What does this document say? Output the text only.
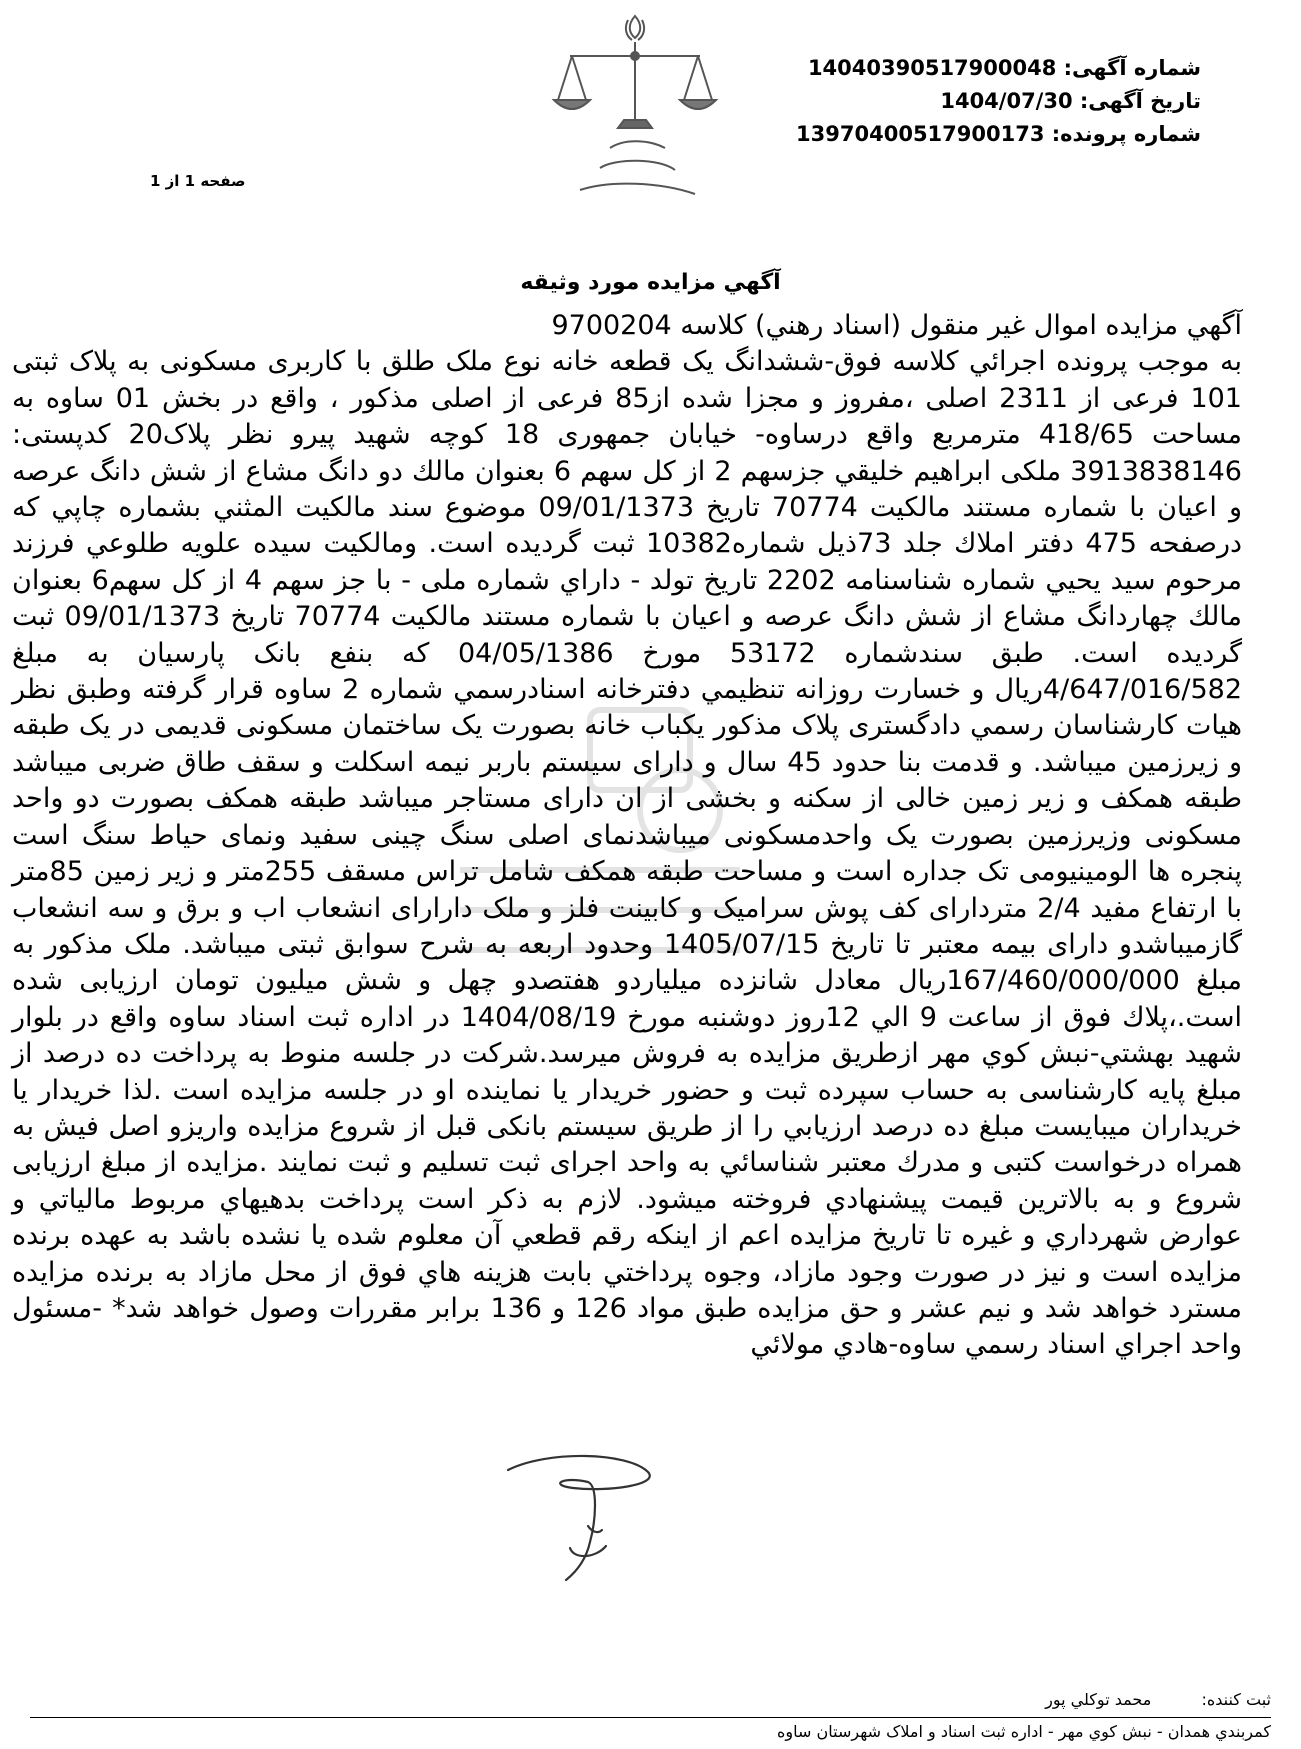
شماره آگهی: 14040390517900048
تاریخ آگهی: 1404/07/30
شماره پرونده: 13970400517900173
صفحه 1 از 1
آگهي مزايده مورد وثيقه

آگهي مزايده اموال غير منقول (اسناد رهني) كلاسه 9700204

به موجب پرونده اجرائي كلاسه فوق-ششدانگ یک قطعه خانه نوع ملک طلق با کاربری مسکونی به پلاک ثبتی 101 فرعی از 2311 اصلی ،مفروز و مجزا شده از85 فرعی از اصلی مذکور ، واقع در بخش 01 ساوه به مساحت 418/65 مترمربع واقع درساوه- خیابان جمهوری 18 کوچه شهید پیرو نظر پلاک20 کدپستی: 3913838146 ملکی ابراهيم خليقي جزسهم 2 از كل سهم 6 بعنوان مالك دو دانگ مشاع از شش دانگ عرصه و اعيان با شماره مستند مالكيت 70774 تاريخ 09/01/1373 موضوع سند مالكيت المثني بشماره چاپي كه درصفحه 475 دفتر املاك جلد 73ذيل شماره10382 ثبت گرديده است. ومالكيت سيده علويه طلوعي فرزند مرحوم سيد يحيي شماره شناسنامه 2202 تاريخ تولد - داراي شماره ملی - با جز سهم 4 از كل سهم6 بعنوان مالك چهاردانگ مشاع از شش دانگ عرصه و اعيان با شماره مستند مالكيت 70774 تاريخ 09/01/1373 ثبت گرديده است. طبق سندشماره 53172 مورخ 04/05/1386 كه بنفع بانک پارسيان به مبلغ 4/647/016/582ريال و خسارت روزانه تنظيمي دفترخانه اسنادرسمي شماره 2 ساوه قرار گرفته وطبق نظر هيات كارشناسان رسمي دادگستری پلاک مذكور یکباب خانه بصورت یک ساختمان مسکونی قدیمی در یک طبقه و زیرزمین میباشد. و قدمت بنا حدود 45 سال و دارای سیستم باربر نیمه اسکلت و سقف طاق ضربی میباشد طبقه همکف و زیر زمین خالی از سکنه و بخشی از ان دارای مستاجر میباشد طبقه همکف بصورت دو واحد مسکونی وزیرزمین بصورت یک واحدمسکونی میباشدنمای اصلی سنگ چینی سفید ونمای حیاط سنگ است پنجره ها الومینیومی تک جداره است و مساحت طبقه همکف شامل تراس مسقف 255متر و زیر زمین 85متر با ارتفاع مفید 2/4 متردارای کف پوش سرامیک و کابینت فلز و ملک دارارای انشعاب اب و برق و سه انشعاب گازمیباشدو دارای بیمه معتبر تا تاریخ 1405/07/15 وحدود اربعه به شرح سوابق ثبتی میباشد. ملک مذکور به مبلغ 167/460/000/000ریال معادل شانزده میلیاردو هفتصدو چهل و شش میلیون تومان ارزیابی شده است.،پلاك فوق از ساعت 9 الي 12روز دوشنبه مورخ 1404/08/19 در اداره ثبت اسناد ساوه واقع در بلوار شهيد بهشتي-نبش كوي مهر ازطريق مزايده به فروش ميرسد.شركت در جلسه منوط به پرداخت ده درصد از مبلغ پايه كارشناسی به حساب سپرده ثبت و حضور خريدار يا نماينده او در جلسه مزايده است .لذا خريدار يا خريداران ميبايست مبلغ ده درصد ارزيابي را از طريق سيستم بانكی قبل از شروع مزايده واريزو اصل فيش به همراه درخواست كتبی و مدرك معتبر شناسائي به واحد اجرای ثبت تسليم و ثبت نمايند .مزايده از مبلغ ارزيابی شروع و به بالاترين قيمت پيشنهادي فروخته ميشود. لازم به ذكر است پرداخت بدهيهاي مربوط مالياتي و عوارض شهرداري و غيره تا تاريخ مزايده اعم از اينكه رقم قطعي آن معلوم شده يا نشده باشد به عهده برنده مزايده است و نيز در صورت وجود مازاد، وجوه پرداختي بابت هزينه هاي فوق از محل مازاد به برنده مزايده مسترد خواهد شد و نيم عشر و حق مزايده طبق مواد 126 و 136 برابر مقررات وصول خواهد شد* -مسئول واحد اجراي اسناد رسمي ساوه-هادي مولائي

ثبت کننده:  محمد توکلي پور
كمربندي همدان - نبش كوي مهر - اداره ثبت اسناد و املاک شهرستان ساوه
